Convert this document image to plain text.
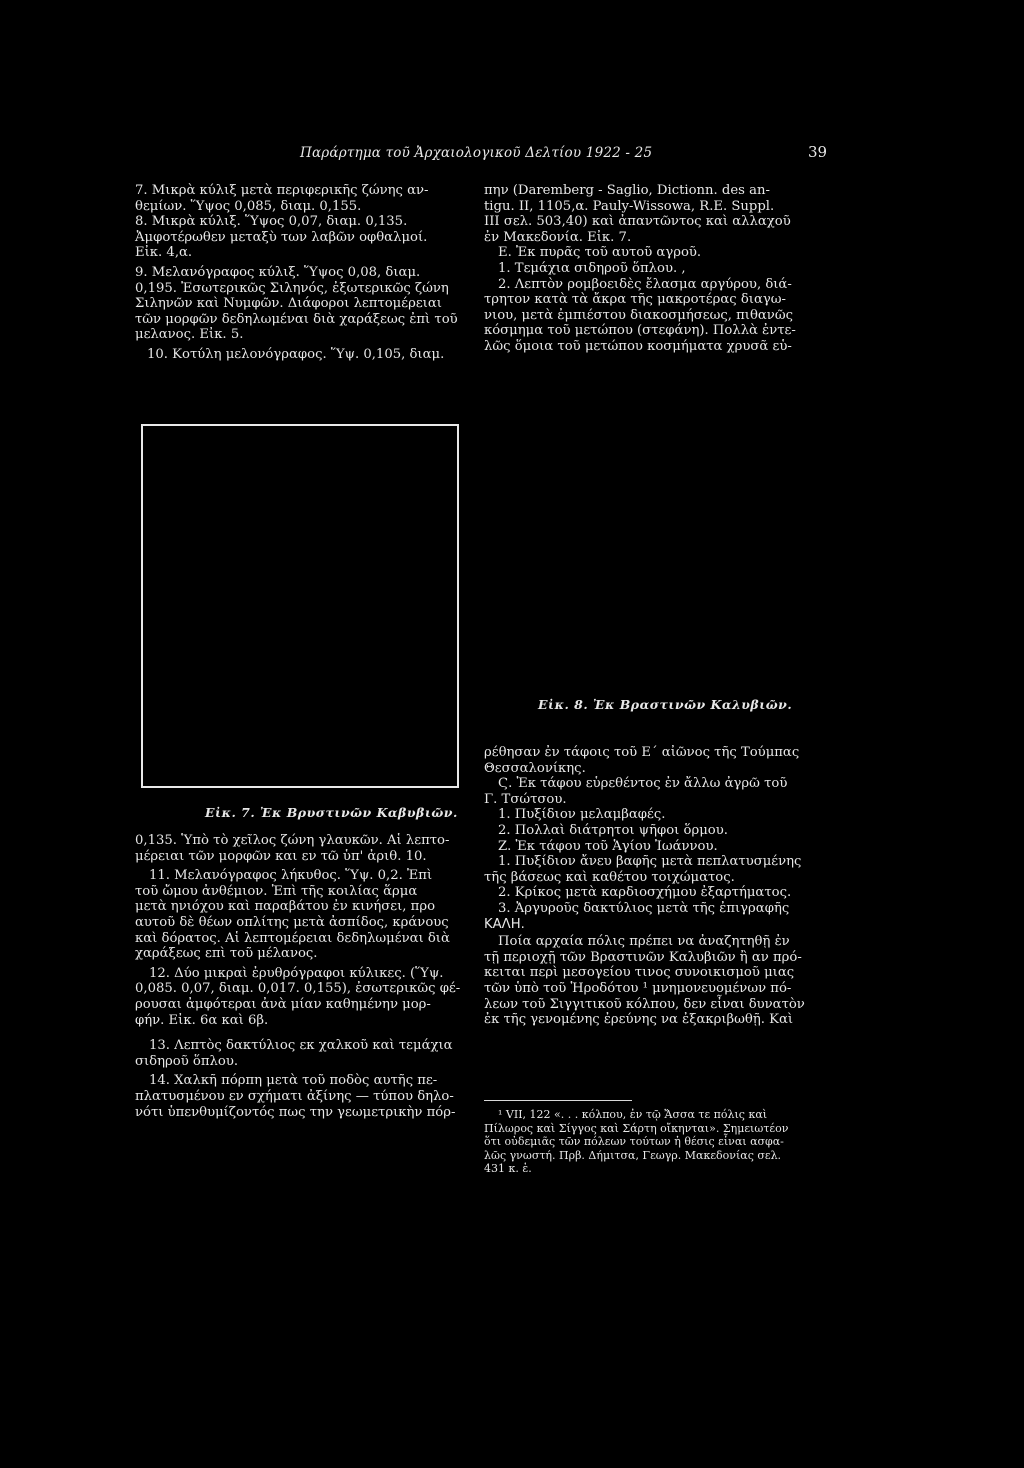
Παράρτημα τοῦ Ἀρχαιολογικοῦ Δελτίου 1922 - 25	39

7. Μικρὰ κύλιξ μετὰ περιφερικῆς ζώνης αν-

θεμίων. Ὕψος 0,085, διαμ. 0,155.

8. Μικρὰ κύλιξ. Ὕψος 0,07, διαμ. 0,135.

Ἀμφοτέρωθεν μεταξὺ των λαβῶν οφθαλμοί.

Εἰκ. 4,α.

9. Μελανόγραφος κύλιξ. Ὕψος 0,08, διαμ.

0,195. Ἐσωτερικῶς Σιληνός, ἐξωτερικῶς ζώνη

Σιληνῶν καὶ Νυμφῶν. Διάφοροι λεπτομέρειαι

τῶν μορφῶν δεδηλωμέναι διὰ χαράξεως ἐπὶ τοῦ

μελανος. Εἰκ. 5.

10. Κοτύλη μελονόγραφος. Ὕψ. 0,105, διαμ.

πην (Daremberg - Saglio, Dictionn. des an-

tigu. II, 1105,α. Pauly-Wissowa, R.E. Suppl.

III σελ. 503,40) καὶ ἀπαντῶντος καὶ αλλαχοῦ

ἐν Μακεδονία. Εἰκ. 7.

Ε. Ἐκ πυρᾶς τοῦ αυτοῦ αγροῦ.

1. Τεμάχια σιδηροῦ ὅπλου. ,

2. Λεπτὸν ρομβοειδὲς ἔλασμα αργύρου, διά-

τρητον κατὰ τὰ ἄκρα τῆς μακροτέρας διαγω-

νιου, μετὰ ἐμπιέστου διακοσμήσεως, πιθανῶς

κόσμημα τοῦ μετώπου (στεφάνη). Πολλὰ ἐντε-

λῶς ὅμοια τοῦ μετώπου κοσμήματα χρυσᾶ εὑ-

Εἰκ. 7. Ἐκ Βρυστινῶν Καβυβιῶν.
Εἰκ. 8. Ἐκ Βραστινῶν Καλυβιῶν.

0,135. Ὑπὸ τὸ χεῖλος ζώνη γλαυκῶν. Αἱ λεπτο-

μέρειαι τῶν μορφῶν και εν τῶ ὑπ' ἀριθ. 10.

11. Μελανόγραφος λήκυθος. Ὕψ. 0,2. Ἐπὶ

τοῦ ὤμου ἀνθέμιον. Ἐπὶ τῆς κοιλίας ἅρμα

μετὰ ηνιόχου καὶ παραβάτου ἐν κινήσει, προ

αυτοῦ δὲ θέων οπλίτης μετὰ ἀσπίδος, κράνους

καὶ δόρατος. Αἱ λεπτομέρειαι δεδηλωμέναι διὰ

χαράξεως επὶ τοῦ μέλανος.

12. Δύο μικραὶ ἐρυθρόγραφοι κύλικες. (Ὕψ.

0,085. 0,07, διαμ. 0,017. 0,155), ἐσωτερικῶς φέ-

ρουσαι ἀμφότεραι ἀνὰ μίαν καθημένην μορ-

φήν. Εἰκ. 6α καὶ 6β.

13. Λεπτὸς δακτύλιος εκ χαλκοῦ καὶ τεμάχια

σιδηροῦ ὅπλου.

14. Χαλκῆ πόρπη μετὰ τοῦ ποδὸς αυτῆς πε-

πλατυσμένου εν σχήματι ἀξίνης — τύπου δηλο-

νότι ὑπενθυμίζοντός πως την γεωμετρικὴν πόρ-

ρέθησαν ἐν τάφοις τοῦ Ε΄ αἰῶνος τῆς Τούμπας

Θεσσαλονίκης.

Ϛ. Ἐκ τάφου εὑρεθέντος ἐν ἄλλω ἀγρῶ τοῦ

Γ. Τσώτσου.

1. Πυξίδιον μελαμβαφές.

2. Πολλαὶ διάτρητοι ψῆφοι ὅρμου.

Ζ. Ἐκ τάφου τοῦ Ἁγίου Ἰωάννου.

1. Πυξίδιον ἄνευ βαφῆς μετὰ πεπλατυσμένης

τῆς βάσεως καὶ καθέτου τοιχώματος.

2. Κρίκος μετὰ καρδιοσχήμου ἐξαρτήματος.

3. Ἀργυροῦς δακτύλιος μετὰ τῆς ἐπιγραφῆς

ΚΑΛΗ.

Ποία αρχαία πόλις πρέπει να ἀναζητηθῇ ἐν

τῇ περιοχῇ τῶν Βραστινῶν Καλυβιῶν ἢ αν πρό-

κειται περὶ μεσογείου τινος συνοικισμοῦ μιας

τῶν ὑπὸ τοῦ Ἡροδότου ¹ μνημονευομένων πό-

λεων τοῦ Σιγγιτικοῦ κόλπου, δεν εἶναι δυνατὸν

ἐκ τῆς γενομένης ἐρεύνης να ἐξακριβωθῇ. Καὶ

¹ VII, 122 «. . . κόλπου, ἐν τῷ Ἄσσα τε πόλις καὶ
Πίλωρος καὶ Σίγγος καὶ Σάρτη οἴκηνται». Σημειωτέον
ὅτι οὐδεμιᾶς τῶν πόλεων τούτων ἡ θέσις εἶναι ασφα-
λῶς γνωστή. Πρβ. Δήμιτσα, Γεωγρ. Μακεδονίας σελ.
431 κ. ἑ.
